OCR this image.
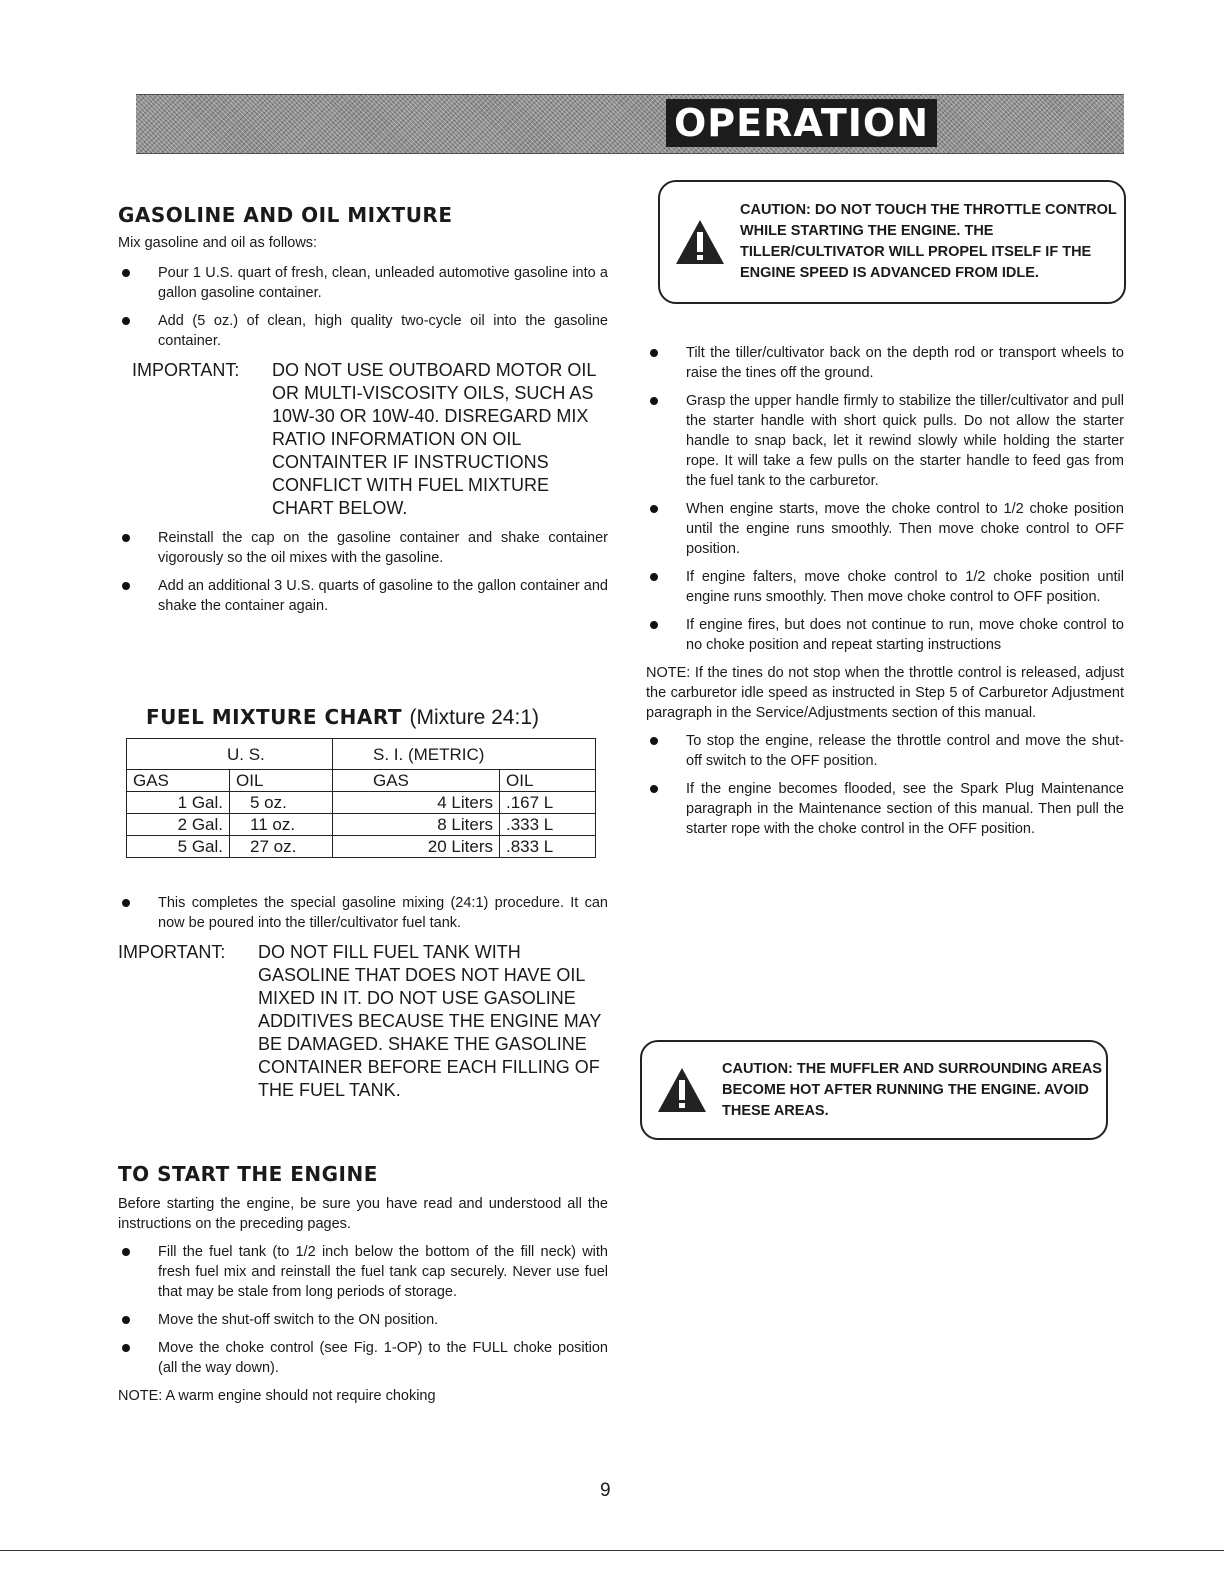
OPERATION
GASOLINE AND OIL MIXTURE

Mix gasoline and oil as follows:

Pour 1 U.S. quart of fresh, clean, unleaded automotive gasoline into a gallon gasoline container.
Add (5 oz.) of clean, high quality two-cycle oil into the gasoline container.
IMPORTANT:	DO NOT USE OUTBOARD MOTOR OIL OR MULTI-VISCOSITY OILS, SUCH AS 10W-30 OR 10W-40. DISREGARD MIX RATIO INFORMATION ON OIL CONTAINTER IF INSTRUCTIONS CONFLICT WITH FUEL MIXTURE CHART BELOW.
Reinstall the cap on the gasoline container and shake container vigorously so the oil mixes with the gasoline.
Add an additional 3 U.S. quarts of gasoline to the gallon container and shake the container again.
FUEL MIXTURE CHART (Mixture 24:1)
U. S.		S. I. (METRIC)	
GAS	OIL	GAS	OIL
1 Gal.	5 oz.	4 Liters	.167 L
2 Gal.	11 oz.	8 Liters	.333 L
5 Gal.	27 oz.	20 Liters	.833 L
This completes the special gasoline mixing (24:1) procedure. It can now be poured into the tiller/cultivator fuel tank.
IMPORTANT:	DO NOT FILL FUEL TANK WITH GASOLINE THAT DOES NOT HAVE OIL MIXED IN IT. DO NOT USE GASOLINE ADDITIVES BECAUSE THE ENGINE MAY BE DAMAGED. SHAKE THE GASOLINE CONTAINER BEFORE EACH FILLING OF THE FUEL TANK.
TO START THE ENGINE

Before starting the engine, be sure you have read and understood all the instructions on the preceding pages.

Fill the fuel tank (to 1/2 inch below the bottom of the fill neck) with fresh fuel mix and reinstall the fuel tank cap securely. Never use fuel that may be stale from long periods of storage.
Move the shut-off switch to the ON position.
Move the choke control (see Fig. 1-OP) to the FULL choke position (all the way down).
NOTE: A warm engine should not require choking
CAUTION: DO NOT TOUCH THE THROTTLE CONTROL WHILE STARTING THE ENGINE. THE TILLER/CULTIVATOR WILL PROPEL ITSELF IF THE ENGINE SPEED IS ADVANCED FROM IDLE.
Tilt the tiller/cultivator back on the depth rod or transport wheels to raise the tines off the ground.
Grasp the upper handle firmly to stabilize the tiller/cultivator and pull the starter handle with short quick pulls. Do not allow the starter handle to snap back, let it rewind slowly while holding the starter rope. It will take a few pulls on the starter handle to feed gas from the fuel tank to the carburetor.
When engine starts, move the choke control to 1/2 choke position until the engine runs smoothly. Then move choke control to OFF position.
If engine falters, move choke control to 1/2 choke position until engine runs smoothly. Then move choke control to OFF position.
If engine fires, but does not continue to run, move choke control to no choke position and repeat starting instructions
NOTE: If the tines do not stop when the throttle control is released, adjust the carburetor idle speed as instructed in Step 5 of Carburetor Adjustment paragraph in the Service/Adjustments section of this manual.
To stop the engine, release the throttle control and move the shut-off switch to the OFF position.
If the engine becomes flooded, see the Spark Plug Maintenance paragraph in the Maintenance section of this manual. Then pull the starter rope with the choke control in the OFF position.
CAUTION: THE MUFFLER AND SURROUNDING AREAS BECOME HOT AFTER RUNNING THE ENGINE. AVOID THESE AREAS.
9
